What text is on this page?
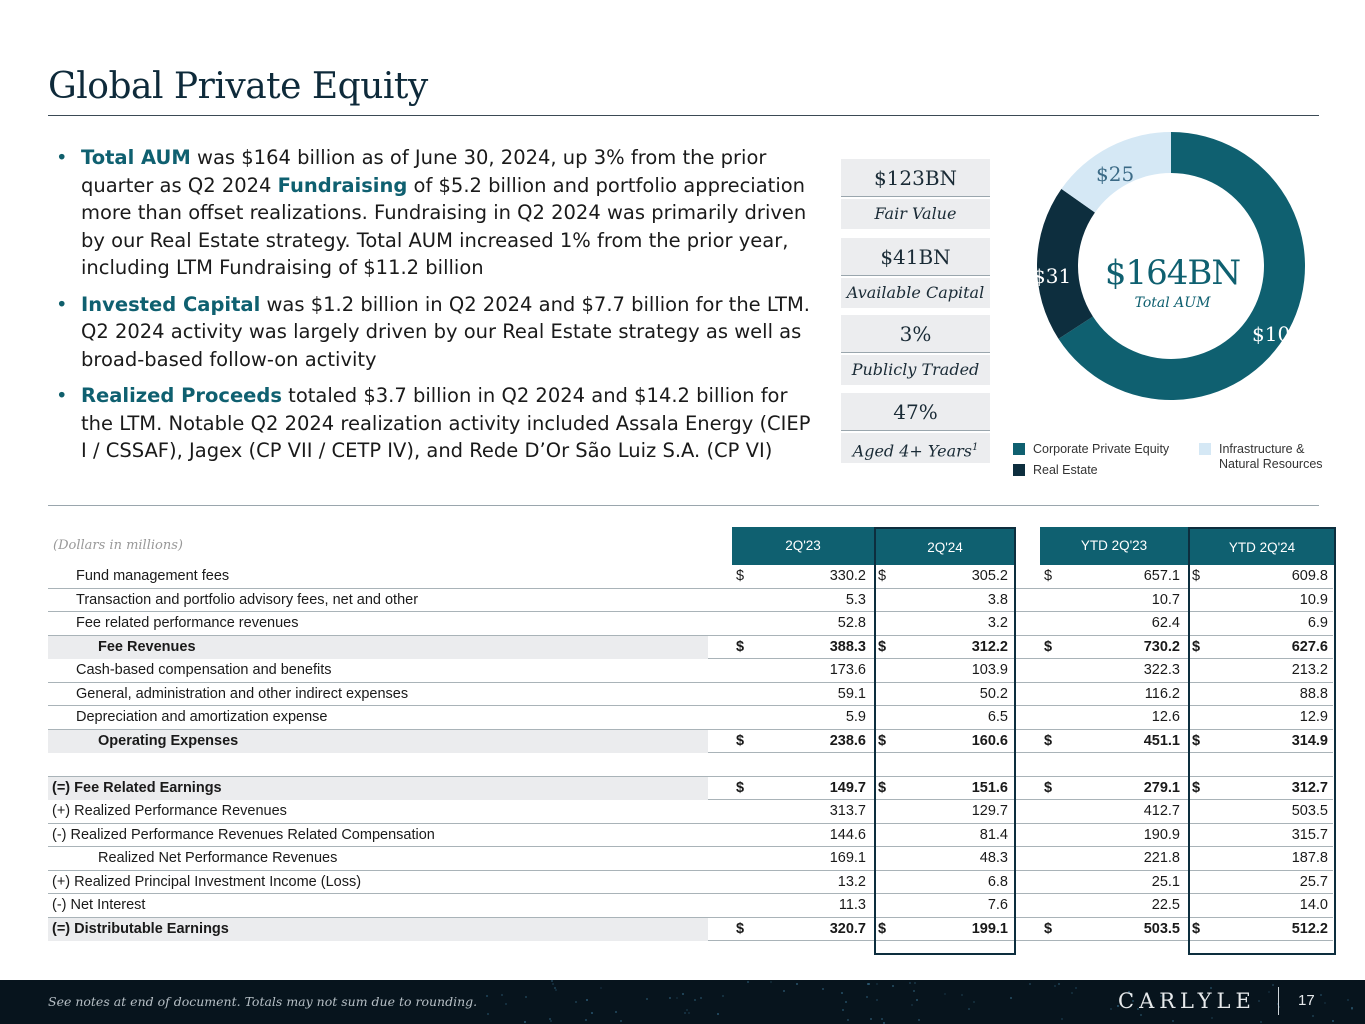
Global Private Equity
• Total AUM was $164 billion as of June 30, 2024, up 3% from the prior quarter as Q2 2024 Fundraising of $5.2 billion and portfolio appreciation more than offset realizations. Fundraising in Q2 2024 was primarily driven by our Real Estate strategy. Total AUM increased 1% from the prior year, including LTM Fundraising of $11.2 billion
• Invested Capital was $1.2 billion in Q2 2024 and $7.7 billion for the LTM. Q2 2024 activity was largely driven by our Real Estate strategy as well as broad-based follow-on activity
• Realized Proceeds totaled $3.7 billion in Q2 2024 and $14.2 billion for the LTM. Notable Q2 2024 realization activity included Assala Energy (CIEP I / CSSAF), Jagex (CP VII / CETP IV), and Rede D’Or São Luiz S.A. (CP VI)
$123BN
Fair Value
$41BN
Available Capital
3%
Publicly Traded
47%
Aged 4+ Years$^1$
$164BN
Total AUM
$108
$31
$25
Corporate Private Equity
Real Estate
Infrastructure &
Natural Resources
(Dollars in millions)	2Q'23	2Q'24	YTD 2Q'23	YTD 2Q'24
Fund management fees	$	330.2 $	305.2	$	657.1 $	609.8
Transaction and portfolio advisory fees, net and other	5.3	3.8	10.7	10.9
Fee related performance revenues	52.8	3.2	62.4	6.9
Fee Revenues	$	388.3 $	312.2	$	730.2 $	627.6
Cash-based compensation and benefits	173.6	103.9	322.3	213.2
General, administration and other indirect expenses	59.1	50.2	116.2	88.8
Depreciation and amortization expense	5.9	6.5	12.6	12.9
Operating Expenses	$	238.6 $	160.6	$	451.1 $	314.9
(=) Fee Related Earnings	$	149.7 $	151.6	$	279.1 $	312.7
(+) Realized Performance Revenues	313.7	129.7	412.7	503.5
(-) Realized Performance Revenues Related Compensation	144.6	81.4	190.9	315.7
Realized Net Performance Revenues	169.1	48.3	221.8	187.8
(+) Realized Principal Investment Income (Loss)	13.2	6.8	25.1	25.7
(-) Net Interest	11.3	7.6	22.5	14.0
(=) Distributable Earnings	$	320.7 $	199.1	$	503.5 $	512.2
See notes at end of document. Totals may not sum due to rounding.	CARLYLE	17
